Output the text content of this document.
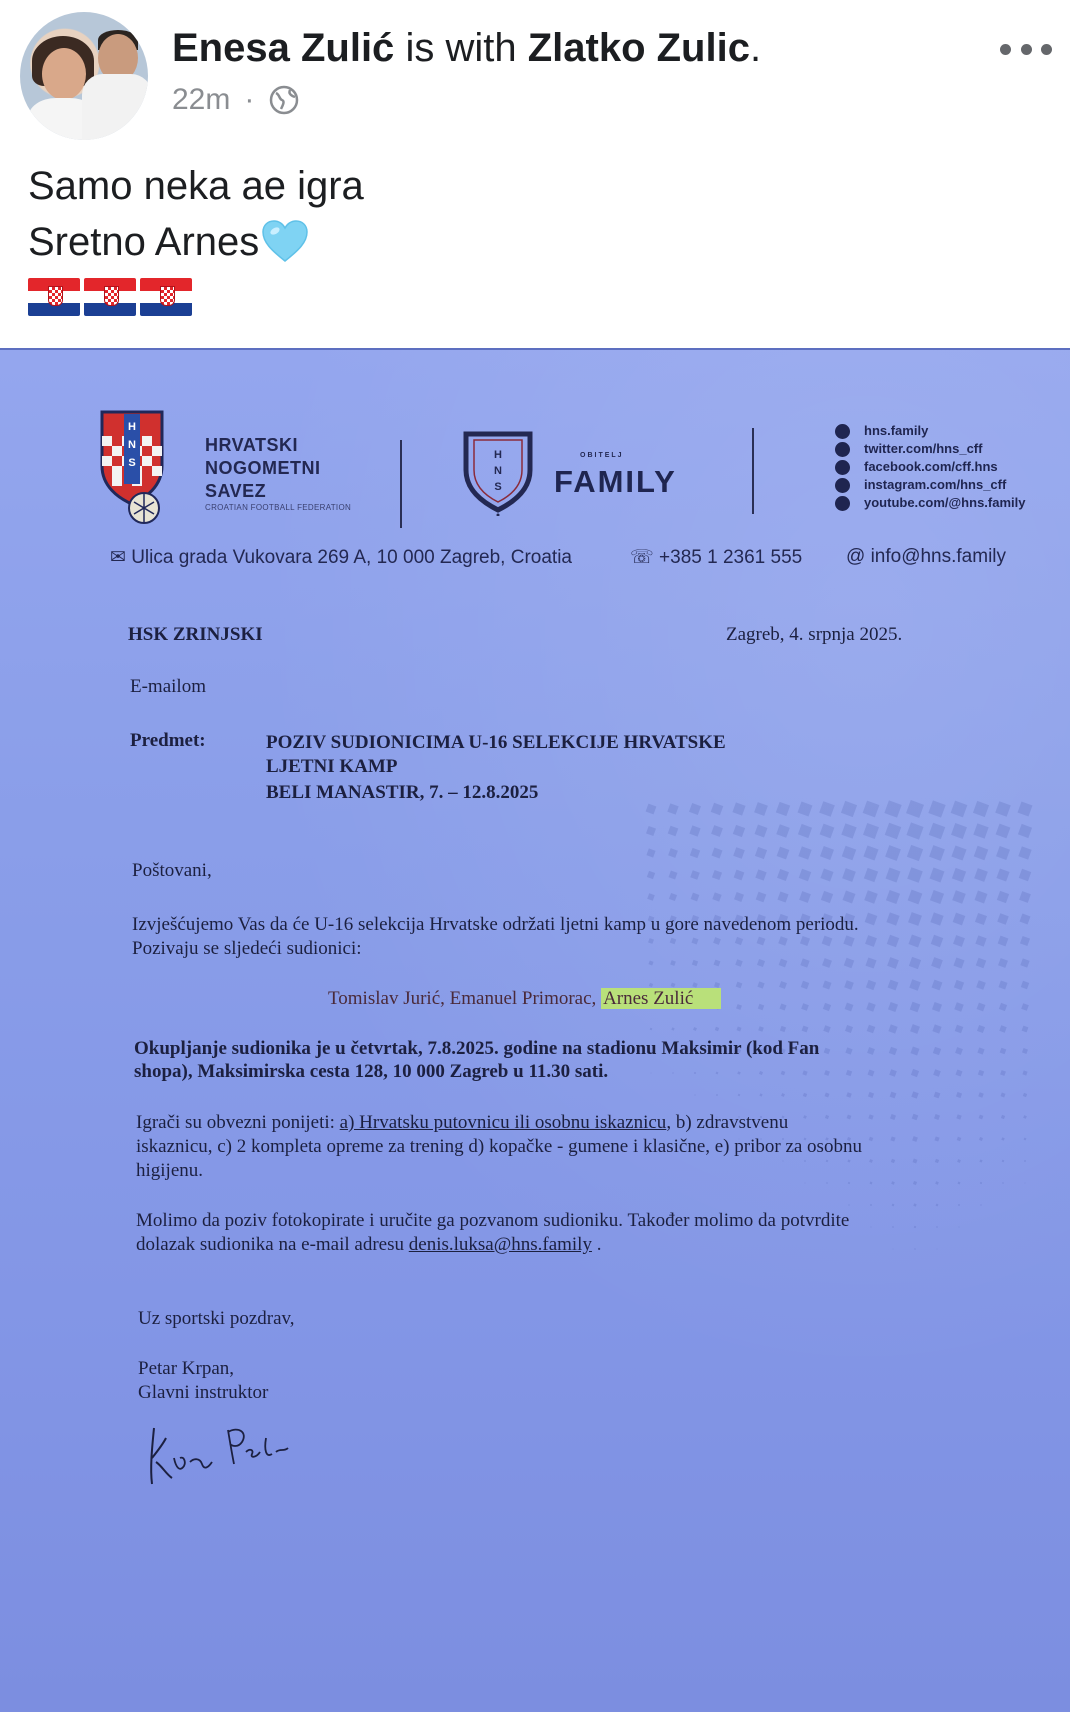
Enesa Zulić is with Zlatko Zulic.
22m ·
Samo neka ae igra
Sretno Arnes
H
N
S
HRVATSKI
NOGOMETNI
SAVEZ
CROATIAN FOOTBALL FEDERATION
H
N
S
OBITELJ
FAMILY
hns.family
twitter.com/hns_cff
facebook.com/cff.hns
instagram.com/hns_cff
youtube.com/@hns.family
✉ Ulica grada Vukovara 269 A, 10 000 Zagreb, Croatia	☏ +385 1 2361 555 @ info@hns.family
HSK ZRINJSKI	Zagreb, 4. srpnja 2025.
E-mailom
Predmet:	POZIV SUDIONICIMA U-16 SELEKCIJE HRVATSKE
LJETNI KAMP
BELI MANASTIR, 7. – 12.8.2025
Poštovani,
Izvješćujemo Vas da će U-16 selekcija Hrvatske održati ljetni kamp u gore navedenom periodu.
Pozivaju se sljedeći sudionici:
Tomislav Jurić, Emanuel Primorac, Arnes Zulić
Okupljanje sudionika je u četvrtak, 7.8.2025. godine na stadionu Maksimir (kod Fan
shopa), Maksimirska cesta 128, 10 000 Zagreb u 11.30 sati.
Igrači su obvezni ponijeti: a) Hrvatsku putovnicu ili osobnu iskaznicu, b) zdravstvenu
iskaznicu, c) 2 kompleta opreme za trening d) kopačke - gumene i klasične, e) pribor za osobnu
higijenu.
Molimo da poziv fotokopirate i uručite ga pozvanom sudioniku. Također molimo da potvrdite
dolazak sudionika na e-mail adresu denis.luksa@hns.family .
Uz sportski pozdrav,
Petar Krpan,
Glavni instruktor
